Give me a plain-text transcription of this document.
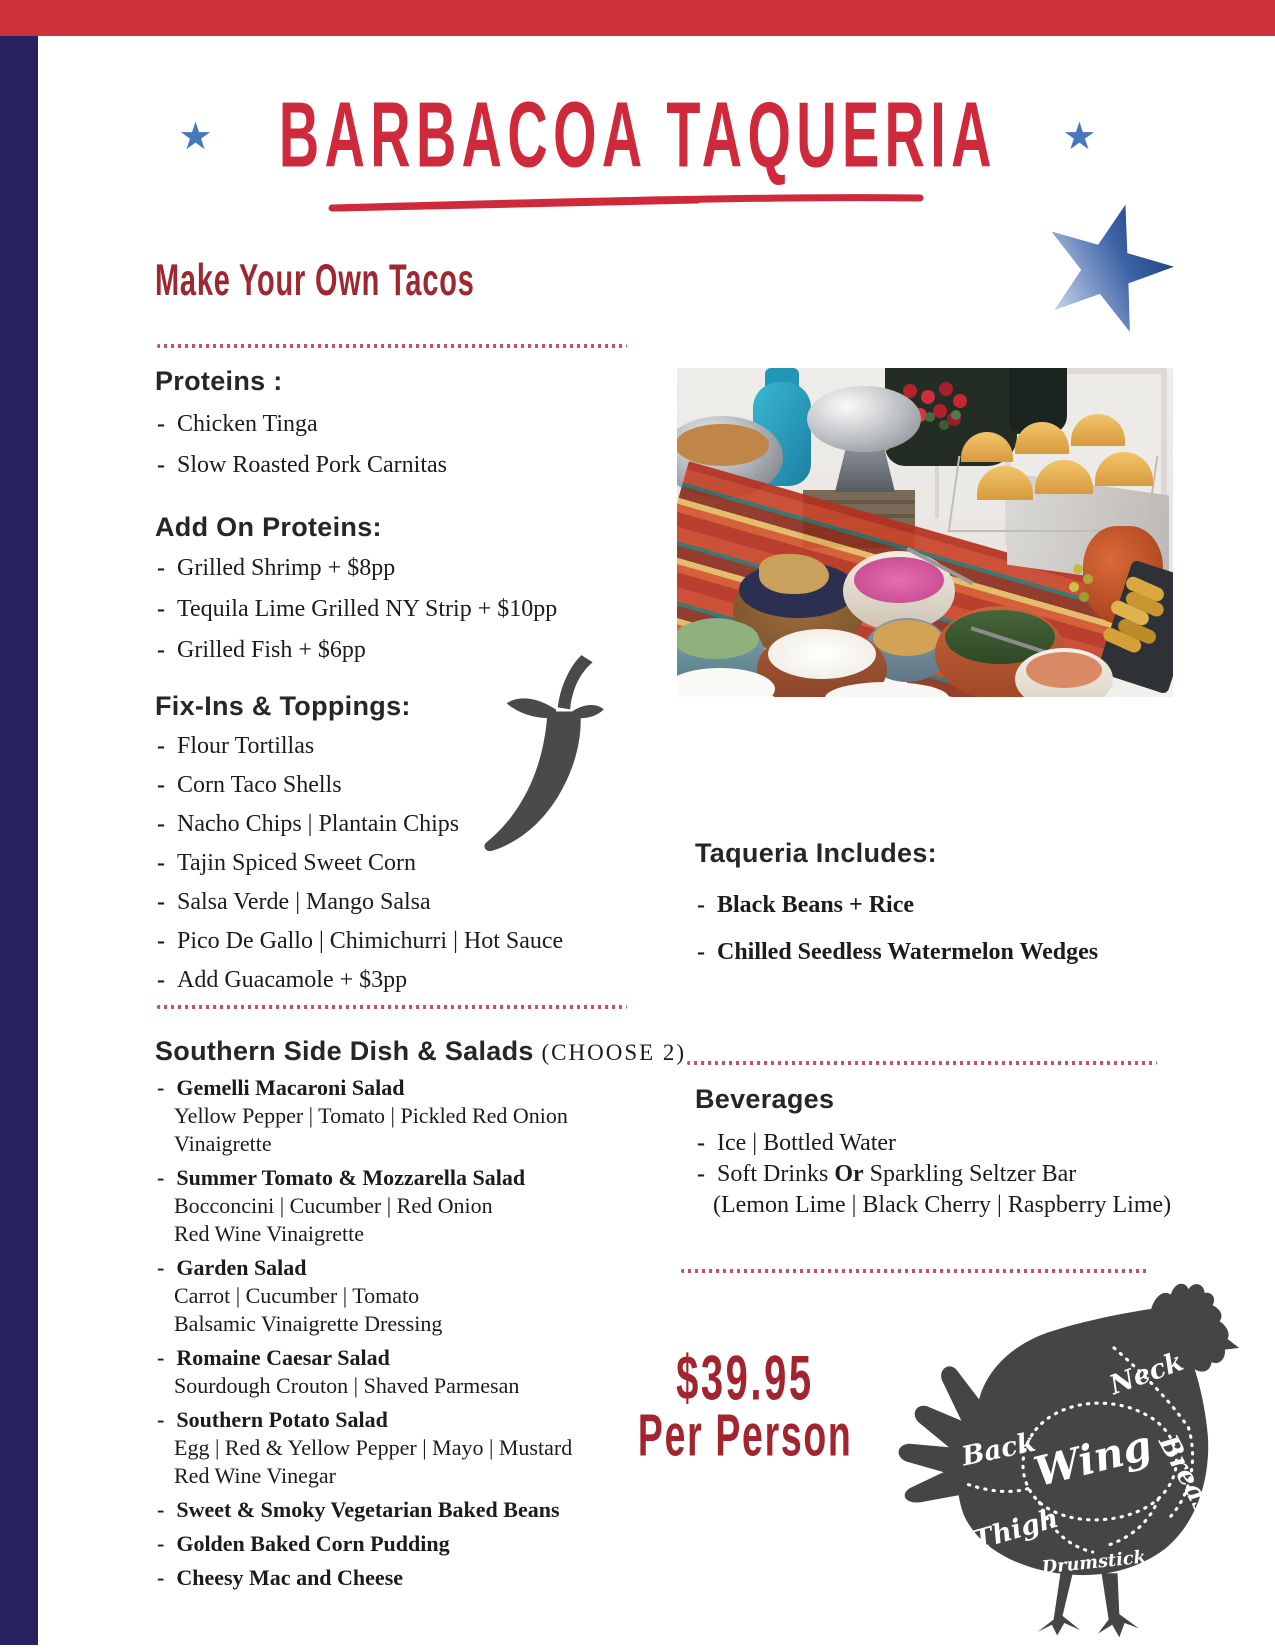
★ BARBACOA TAQUERIA ★
Make Your Own Tacos
Proteins :
- Chicken Tinga
- Slow Roasted Pork Carnitas
Add On Proteins:
- Grilled Shrimp + $8pp
- Tequila Lime Grilled NY Strip + $10pp
- Grilled Fish + $6pp
Fix-Ins & Toppings:
- Flour Tortillas
- Corn Taco Shells
- Nacho Chips | Plantain Chips
- Tajin Spiced Sweet Corn
- Salsa Verde | Mango Salsa
- Pico De Gallo | Chimichurri | Hot Sauce
- Add Guacamole + $3pp
Southern Side Dish & Salads (CHOOSE 2)
- Gemelli Macaroni Salad
Yellow Pepper | Tomato | Pickled Red Onion
Vinaigrette
- Summer Tomato & Mozzarella Salad
Bocconcini | Cucumber | Red Onion
Red Wine Vinaigrette
- Garden Salad
Carrot | Cucumber | Tomato
Balsamic Vinaigrette Dressing
- Romaine Caesar Salad
Sourdough Crouton | Shaved Parmesan
- Southern Potato Salad
Egg | Red & Yellow Pepper | Mayo | Mustard
Red Wine Vinegar
- Sweet & Smoky Vegetarian Baked Beans
- Golden Baked Corn Pudding
- Cheesy Mac and Cheese
Taqueria Includes:
- Black Beans + Rice
- Chilled Seedless Watermelon Wedges
Beverages
- Ice | Bottled Water
- Soft Drinks Or Sparkling Seltzer Bar
(Lemon Lime | Black Cherry | Raspberry Lime)
$39.95
Per Person
Neck
Back
Wing
Breast
Thigh
Drumstick
